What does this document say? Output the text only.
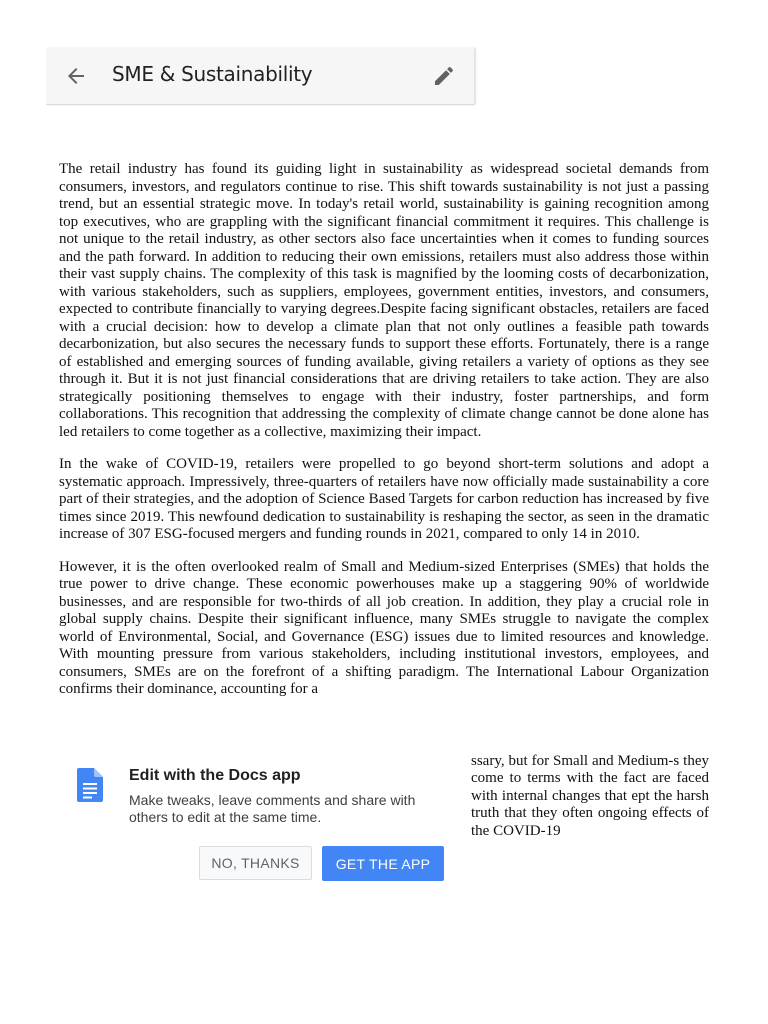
SME & Sustainability

The retail industry has found its guiding light in sustainability as widespread societal demands from consumers, investors, and regulators continue to rise. This shift towards sustainability is not just a passing trend, but an essential strategic move. In today's retail world, sustainability is gaining recognition among top executives, who are grappling with the significant financial commitment it requires. This challenge is not unique to the retail industry, as other sectors also face uncertainties when it comes to funding sources and the path forward. In addition to reducing their own emissions, retailers must also address those within their vast supply chains. The complexity of this task is magnified by the looming costs of decarbonization, with various stakeholders, such as suppliers, employees, government entities, investors, and consumers, expected to contribute financially to varying degrees.Despite facing significant obstacles, retailers are faced with a crucial decision: how to develop a climate plan that not only outlines a feasible path towards decarbonization, but also secures the necessary funds to support these efforts. Fortunately, there is a range of established and emerging sources of funding available, giving retailers a variety of options as they see through it. But it is not just financial considerations that are driving retailers to take action. They are also strategically positioning themselves to engage with their industry, foster partnerships, and form collaborations. This recognition that addressing the complexity of climate change cannot be done alone has led retailers to come together as a collective, maximizing their impact.

In the wake of COVID-19, retailers were propelled to go beyond short-term solutions and adopt a systematic approach. Impressively, three-quarters of retailers have now officially made sustainability a core part of their strategies, and the adoption of Science Based Targets for carbon reduction has increased by five times since 2019. This newfound dedication to sustainability is reshaping the sector, as seen in the dramatic increase of 307 ESG-focused mergers and funding rounds in 2021, compared to only 14 in 2010.

However, it is the often overlooked realm of Small and Medium-sized Enterprises (SMEs) that holds the true power to drive change. These economic powerhouses make up a staggering 90% of worldwide businesses, and are responsible for two-thirds of all job creation. In addition, they play a crucial role in global supply chains. Despite their significant influence, many SMEs struggle to navigate the complex world of Environmental, Social, and Governance (ESG) issues due to limited resources and knowledge. With mounting pressure from various stakeholders, including institutional investors, employees, and consumers, SMEs are on the forefront of a shifting paradigm. The International Labour Organization confirms their dominance, accounting for a

ssary, but for Small and Medium-s they come to terms with the fact are faced with internal changes that ept the harsh truth that they often ongoing effects of the COVID-19

Edit with the Docs app
Make tweaks, leave comments and share with others to edit at the same time.
NO, THANKS	GET THE APP
